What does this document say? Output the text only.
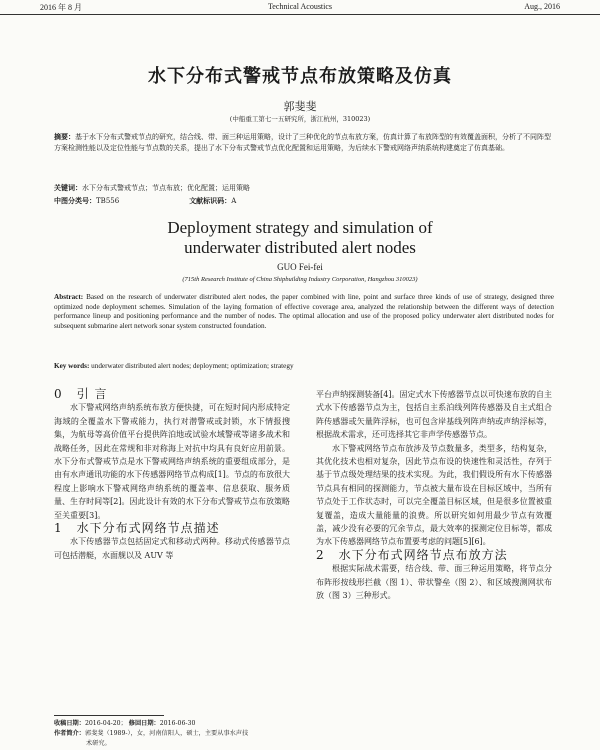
2016 年 8 月	Technical Acoustics	Aug., 2016
水下分布式警戒节点布放策略及仿真
郭斐斐
(中船重工第七一五研究所，浙江杭州，310023)
摘要：基于水下分布式警戒节点的研究，结合线、带、面三种运用策略，设计了三种优化的节点布放方案，仿真计算了布放阵型的有效覆盖面积，分析了不同阵型方案检测性能以及定位性能与节点数的关系，提出了水下分布式警戒节点优化配置和运用策略，为后续水下警戒网络声纳系统构建奠定了仿真基础。
关键词：水下分布式警戒节点；节点布放；优化配置；运用策略
中图分类号：TB556	文献标识码：A
Deployment strategy and simulation of underwater distributed alert nodes
GUO Fei-fei
(715th Research Institute of China Shipbuilding Industry Corporation, Hangzhou 310023)
Abstract: Based on the research of underwater distributed alert nodes, the paper combined with line, point and surface three kinds of use of strategy, designed three optimized node deployment schemes. Simulation of the laying formation of effective coverage area, analyzed the relationship between the different ways of detection performance lineup and positioning performance and the number of nodes. The optimal allocation and use of the proposed policy underwater alert distributed nodes for subsequent submarine alert network sonar system constructed foundation.
Key words: underwater distributed alert nodes; deployment; optimization; strategy

0 引 言

水下警戒网络声纳系统布放方便快捷，可在短时间内形成特定海域的全覆盖水下警戒能力，执行对潜警戒或封锁，水下情报搜集，为航母等高价值平台提供阵泊地或试验水域警戒等诸多战术和战略任务，因此在常规和非对称海上对抗中均具有良好应用前景。水下分布式警戒节点是水下警戒网络声纳系统的重要组成部分，是由有水声通讯功能的水下传感器网络节点构成[1]。节点的布放很大程度上影响水下警戒网络声纳系统的覆盖率、信息获取、服务质量、生存时间等[2]。因此设计有效的水下分布式警戒节点布放策略至关重要[3]。

1 水下分布式网络节点描述

水下传感器节点包括固定式和移动式两种。移动式传感器节点可包括潜艇，水面舰以及 AUV 等

平台声纳探测装备[4]。固定式水下传感器节点以可快速布放的自主式水下传感器节点为主，包括自主系泊线列阵传感器及自主式组合阵传感器或矢量阵浮标，也可包含岸基线列阵声纳或声纳浮标等，根据战术需求，还可选择其它非声学传感器节点。

水下警戒网络节点布放涉及节点数量多，类型多，结构复杂，其优化技术也相对复杂，因此节点布设的快速性和灵活性，存列于基于节点级处理结果的技术实现。为此，我们假设所有水下传感器节点具有相同的探测能力，节点被大量布设在目标区域中，当所有节点处于工作状态时，可以完全覆盖目标区域，但是很多位置被重复覆盖，造成大量能量的浪费。所以研究如何用最少节点有效覆盖，减少没有必要的冗余节点，最大效率的探测定位目标等，都成为水下传感器网络节点布置要考虑的问题[5][6]。

2 水下分布式网络节点布放方法

根据实际战术需要，结合线、带、面三种运用策略，将节点分布阵形按线形拦截（图 1）、带状警垒（图 2）、和区域搜测网状布放（图 3）三种形式。

收稿日期：2016-04-20； 修回日期：2016-06-30
作者简介：郭斐斐（1989-），女，河南信阳人，硕士，主要从事水声技
术研究。
